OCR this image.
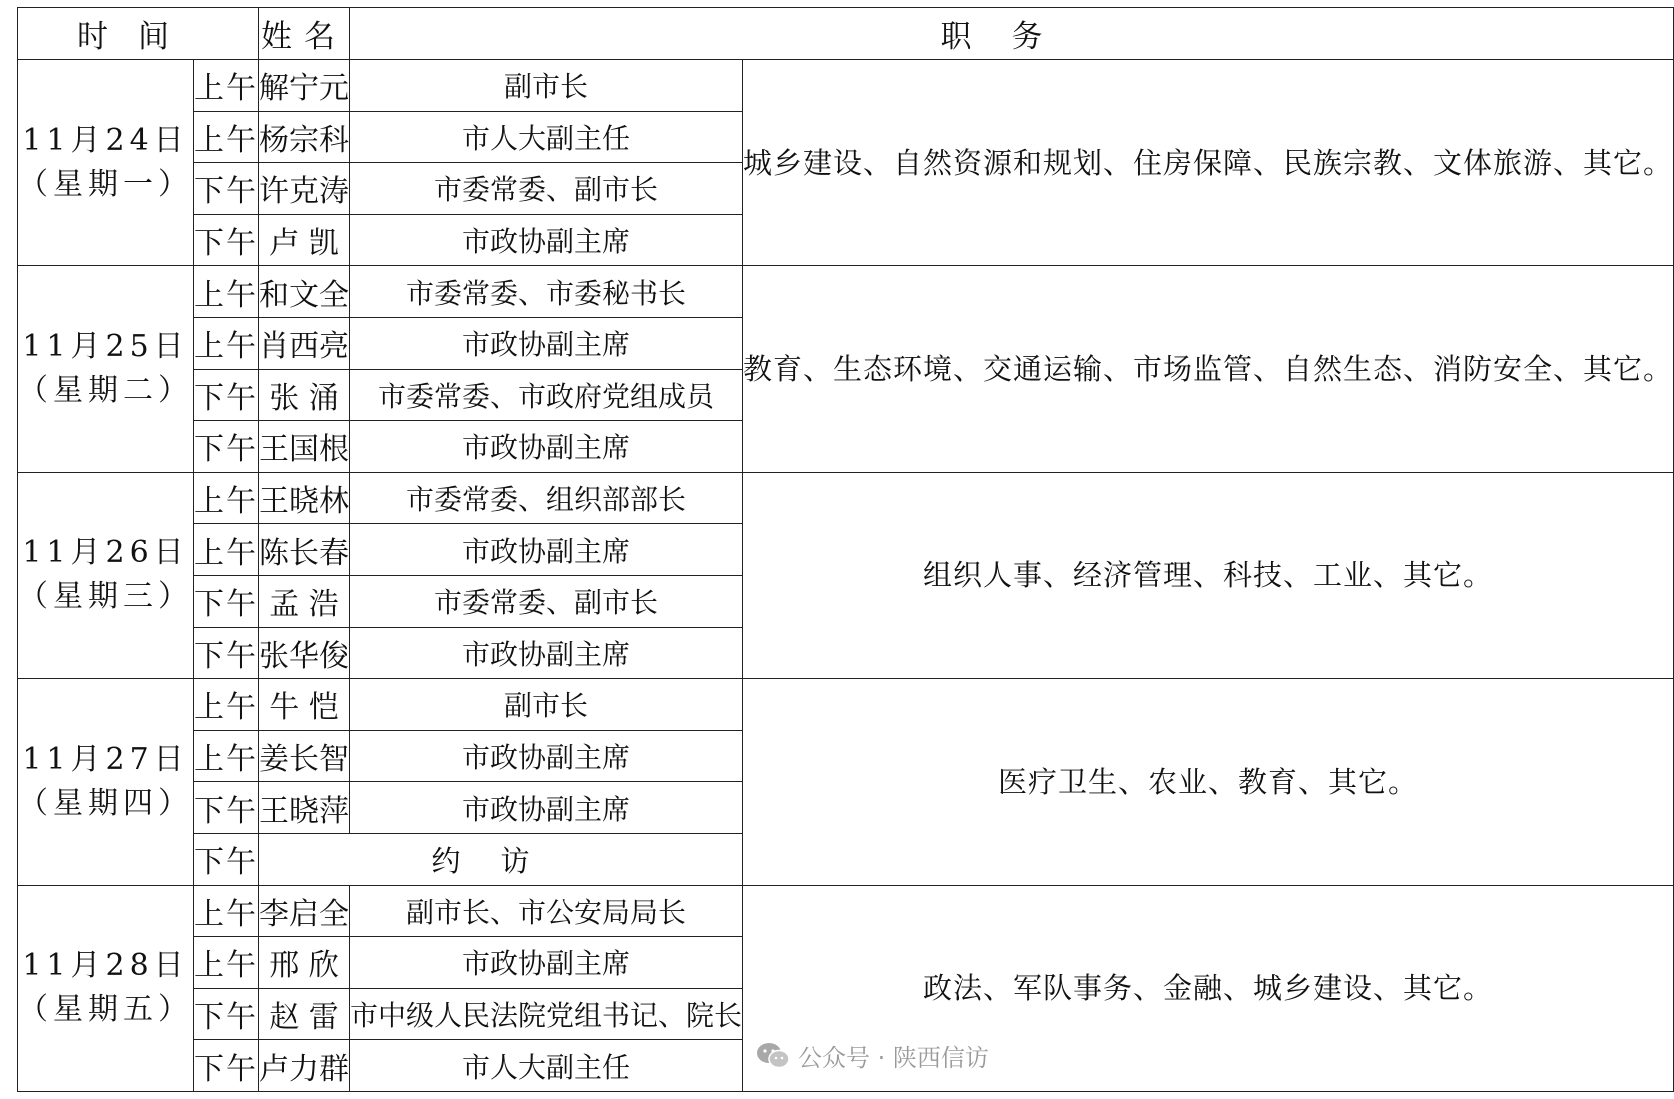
时间		姓名	职务	

11月24日
（星期一）	上午	解宁元	副市长	城乡建设、自然资源和规划、住房保障、民族宗教、文体旅游、其它。
	上午	杨宗科	市人大副主任	
	下午	许克涛	市委常委、副市长	
	下午	卢 凯	市政协副主席	

11月25日
（星期二）	上午	和文全	市委常委、市委秘书长	教育、生态环境、交通运输、市场监管、自然生态、消防安全、其它。
	上午	肖西亮	市政协副主席	
	下午	张 涌	市委常委、市政府党组成员	
	下午	王国根	市政协副主席	

11月26日
（星期三）	上午	王晓林	市委常委、组织部部长	组织人事、经济管理、科技、工业、其它。
	上午	陈长春	市政协副主席	
	下午	孟 浩	市委常委、副市长	
	下午	张华俊	市政协副主席	

11月27日
（星期四）	上午	牛 恺	副市长	医疗卫生、农业、教育、其它。
	上午	姜长智	市政协副主席	
	下午	王晓萍	市政协副主席	
	下午	约访		

11月28日
（星期五）	上午	李启全	副市长、市公安局局长	政法、军队事务、金融、城乡建设、其它。
	上午	邢 欣	市政协副主席	
	下午	赵 雷	市中级人民法院党组书记、院长	
	下午	卢力群	市人大副主任		公众号 · 陕西信访
